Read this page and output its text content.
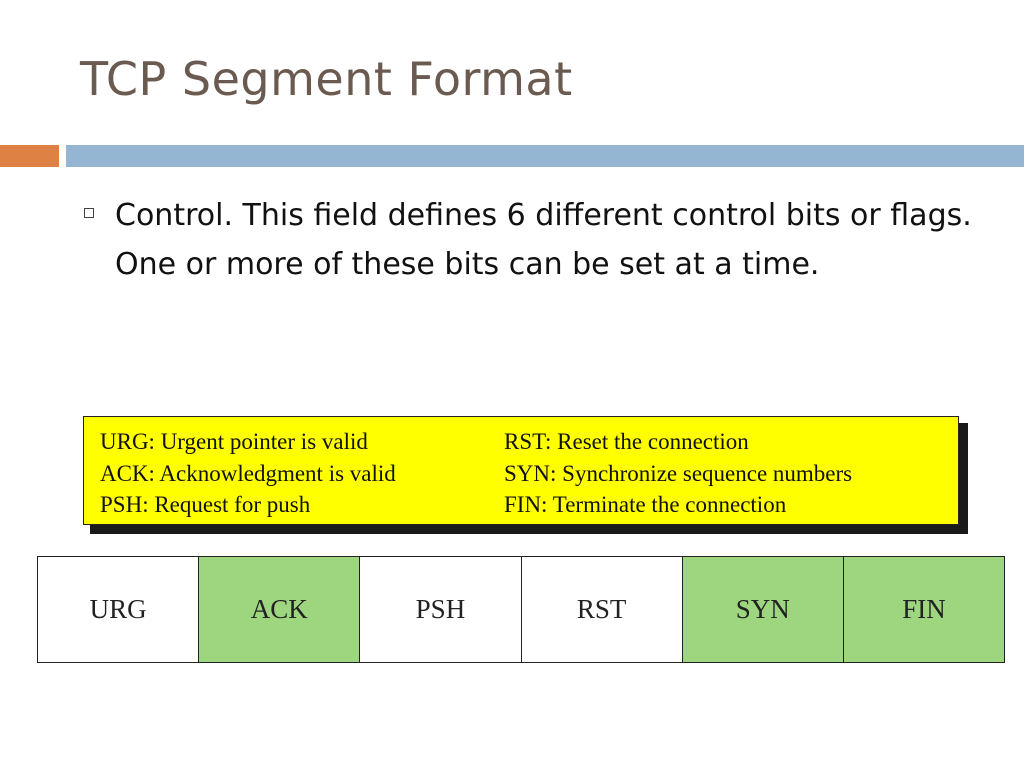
TCP Segment Format
Control. This field defines 6 different control bits or flags. One or more of these bits can be set at a time.
URG: Urgent pointer is valid
ACK: Acknowledgment is valid
PSH: Request for push
RST: Reset the connection
SYN: Synchronize sequence numbers
FIN: Terminate the connection
URG	ACK	PSH	RST	SYN	FIN
